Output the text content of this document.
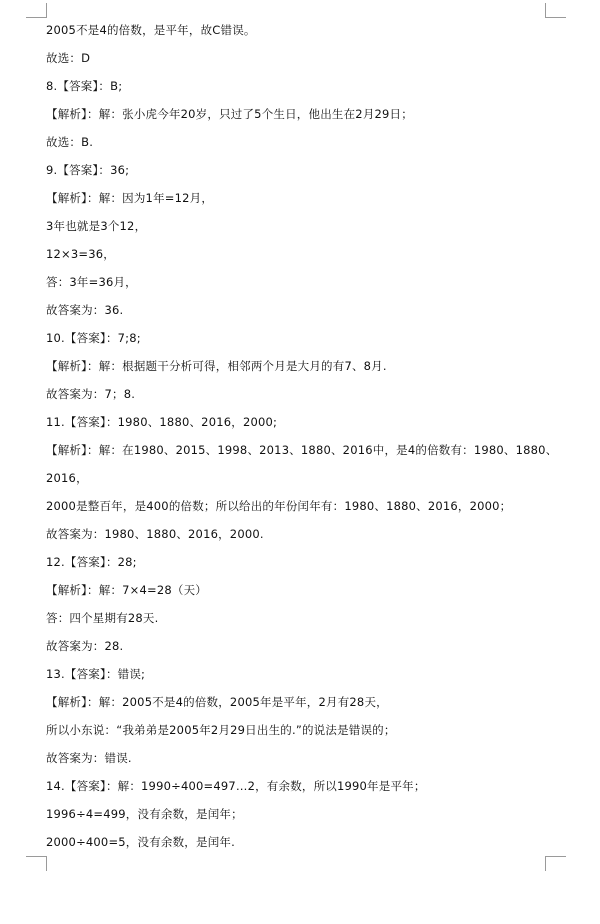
2005不是4的倍数，是平年，故C错误。
故选：D
8.【答案】：B;
【解析】：解：张小虎今年20岁，只过了5个生日，他出生在2月29日；
故选：B.
9.【答案】：36;
【解析】：解：因为1年=12月，
3年也就是3个12，
12×3=36，
答：3年=36月，
故答案为：36.
10.【答案】：7;8;
【解析】：解：根据题干分析可得，相邻两个月是大月的有7、8月.
故答案为：7；8.
11.【答案】：1980、1880、2016，2000;
【解析】：解：在1980、2015、1998、2013、1880、2016中，是4的倍数有：1980、1880、
2016，
2000是整百年，是400的倍数；所以给出的年份闰年有：1980、1880、2016，2000；
故答案为：1980、1880、2016，2000.
12.【答案】：28;
【解析】：解：7×4=28（天）
答：四个星期有28天.
故答案为：28.
13.【答案】：错误;
【解析】：解：2005不是4的倍数，2005年是平年，2月有28天，
所以小东说：“我弟弟是2005年2月29日出生的.”的说法是错误的；
故答案为：错误.
14.【答案】：解：1990÷400=497…2，有余数，所以1990年是平年；
1996÷4=499，没有余数，是闰年；
2000÷400=5，没有余数，是闰年.
